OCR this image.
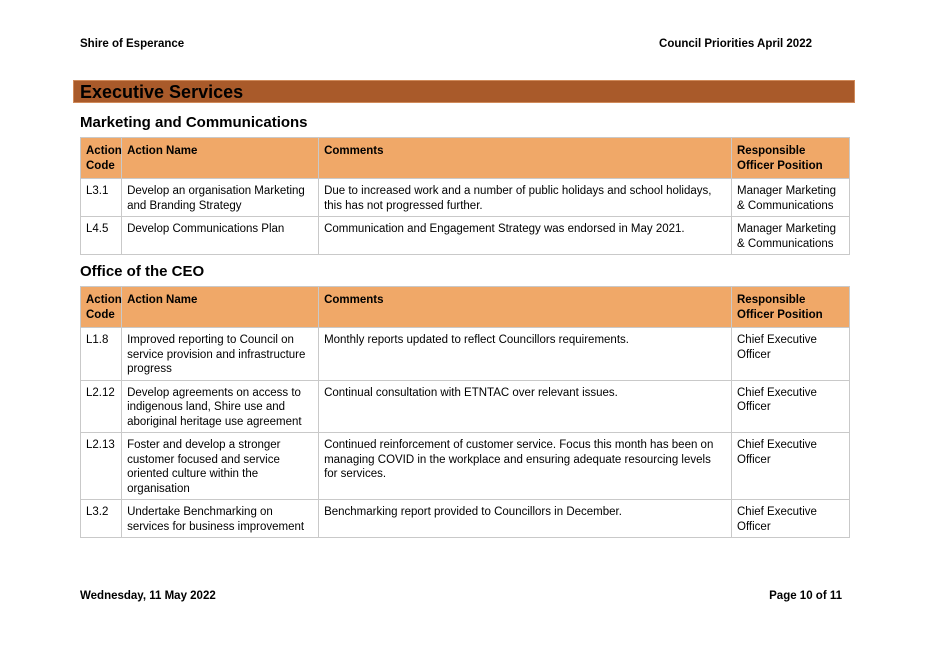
Shire of Esperance	Council Priorities April 2022
Executive Services
Marketing and Communications
Action Code	Action Name	Comments	Responsible Officer Position
L3.1	Develop an organisation Marketing and Branding Strategy	Due to increased work and a number of public holidays and school holidays, this has not progressed further.	Manager Marketing & Communications
L4.5	Develop Communications Plan	Communication and Engagement Strategy was endorsed in May 2021.	Manager Marketing & Communications
Office of the CEO
Action Code	Action Name	Comments	Responsible Officer Position
L1.8	Improved reporting to Council on service provision and infrastructure progress	Monthly reports updated to reflect Councillors requirements.	Chief Executive Officer
L2.12	Develop agreements on access to indigenous land, Shire use and aboriginal heritage use agreement	Continual consultation with ETNTAC over relevant issues.	Chief Executive Officer
L2.13	Foster and develop a stronger customer focused and service oriented culture within the organisation	Continued reinforcement of customer service. Focus this month has been on managing COVID in the workplace and ensuring adequate resourcing levels for services.	Chief Executive Officer
L3.2	Undertake Benchmarking on services for business improvement	Benchmarking report provided to Councillors in December.	Chief Executive Officer
Wednesday, 11 May 2022	Page 10 of 11
